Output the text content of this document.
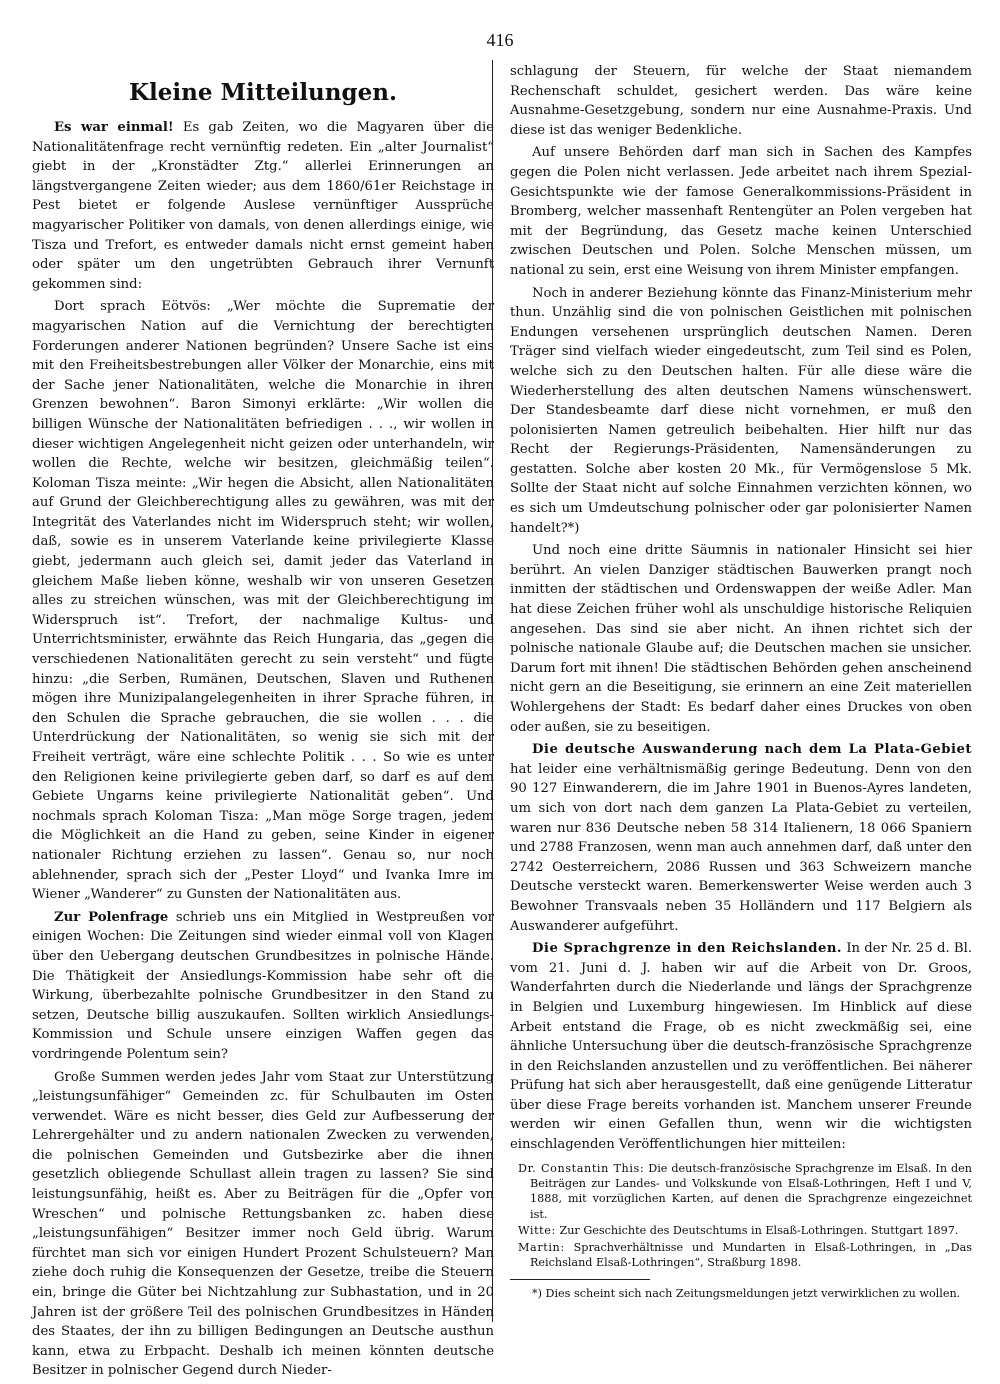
416
Kleine Mitteilungen.

Es war einmal! Es gab Zeiten, wo die Magyaren über die Nationalitätenfrage recht vernünftig redeten. Ein „alter Journalist“ giebt in der „Kronstädter Ztg.“ allerlei Erinnerungen an längstvergangene Zeiten wieder; aus dem 1860/61er Reichstage in Pest bietet er folgende Auslese vernünftiger Aussprüche magyarischer Politiker von damals, von denen allerdings einige, wie Tisza und Trefort, es entweder damals nicht ernst gemeint haben oder später um den ungetrübten Gebrauch ihrer Vernunft gekommen sind:

Dort sprach Eötvös: „Wer möchte die Suprematie der magyarischen Nation auf die Vernichtung der berechtigten Forderungen anderer Nationen begründen? Unsere Sache ist eins mit den Freiheitsbestrebungen aller Völker der Monarchie, eins mit der Sache jener Nationalitäten, welche die Monarchie in ihren Grenzen bewohnen“. Baron Simonyi erklärte: „Wir wollen die billigen Wünsche der Nationalitäten befriedigen . . ., wir wollen in dieser wichtigen Angelegenheit nicht geizen oder unterhandeln, wir wollen die Rechte, welche wir besitzen, gleichmäßig teilen“. Koloman Tisza meinte: „Wir hegen die Absicht, allen Nationalitäten auf Grund der Gleichberechtigung alles zu gewähren, was mit der Integrität des Vaterlandes nicht im Widerspruch steht; wir wollen, daß, sowie es in unserem Vaterlande keine privilegierte Klasse giebt, jedermann auch gleich sei, damit jeder das Vaterland in gleichem Maße lieben könne, weshalb wir von unseren Gesetzen alles zu streichen wünschen, was mit der Gleichberechtigung im Widerspruch ist“. Trefort, der nachmalige Kultus- und Unterrichtsminister, erwähnte das Reich Hungaria, das „gegen die verschiedenen Nationalitäten gerecht zu sein versteht“ und fügte hinzu: „die Serben, Rumänen, Deutschen, Slaven und Ruthenen mögen ihre Munizipalangelegenheiten in ihrer Sprache führen, in den Schulen die Sprache gebrauchen, die sie wollen . . . die Unterdrückung der Nationalitäten, so wenig sie sich mit der Freiheit verträgt, wäre eine schlechte Politik . . . So wie es unter den Religionen keine privilegierte geben darf, so darf es auf dem Gebiete Ungarns keine privilegierte Nationalität geben“. Und nochmals sprach Koloman Tisza: „Man möge Sorge tragen, jedem die Möglichkeit an die Hand zu geben, seine Kinder in eigener nationaler Richtung erziehen zu lassen“. Genau so, nur noch ablehnender, sprach sich der „Pester Lloyd“ und Ivanka Imre im Wiener „Wanderer“ zu Gunsten der Nationalitäten aus.

Zur Polenfrage schrieb uns ein Mitglied in Westpreußen vor einigen Wochen: Die Zeitungen sind wieder einmal voll von Klagen über den Uebergang deutschen Grundbesitzes in polnische Hände. Die Thätigkeit der Ansiedlungs-Kommission habe sehr oft die Wirkung, überbezahlte polnische Grundbesitzer in den Stand zu setzen, Deutsche billig auszukaufen. Sollten wirklich Ansiedlungs-Kommission und Schule unsere einzigen Waffen gegen das vordringende Polentum sein?

Große Summen werden jedes Jahr vom Staat zur Unterstützung „leistungsunfähiger“ Gemeinden zc. für Schulbauten im Osten verwendet. Wäre es nicht besser, dies Geld zur Aufbesserung der Lehrergehälter und zu andern nationalen Zwecken zu verwenden, die polnischen Gemeinden und Gutsbezirke aber die ihnen gesetzlich obliegende Schullast allein tragen zu lassen? Sie sind leistungsunfähig, heißt es. Aber zu Beiträgen für die „Opfer von Wreschen“ und polnische Rettungsbanken zc. haben diese „leistungsunfähigen“ Besitzer immer noch Geld übrig. Warum fürchtet man sich vor einigen Hundert Prozent Schulsteuern? Man ziehe doch ruhig die Konsequenzen der Gesetze, treibe die Steuern ein, bringe die Güter bei Nichtzahlung zur Subhastation, und in 20 Jahren ist der größere Teil des polnischen Grundbesitzes in Händen des Staates, der ihn zu billigen Bedingungen an Deutsche austhun kann, etwa zu Erbpacht. Deshalb ich meinen könnten deutsche Besitzer in polnischer Gegend durch Nieder-

schlagung der Steuern, für welche der Staat niemandem Rechenschaft schuldet, gesichert werden. Das wäre keine Ausnahme-Gesetzgebung, sondern nur eine Ausnahme-Praxis. Und diese ist das weniger Bedenkliche.

Auf unsere Behörden darf man sich in Sachen des Kampfes gegen die Polen nicht verlassen. Jede arbeitet nach ihrem Spezial-Gesichtspunkte wie der famose Generalkommissions-Präsident in Bromberg, welcher massenhaft Rentengüter an Polen vergeben hat mit der Begründung, das Gesetz mache keinen Unterschied zwischen Deutschen und Polen. Solche Menschen müssen, um national zu sein, erst eine Weisung von ihrem Minister empfangen.

Noch in anderer Beziehung könnte das Finanz-Ministerium mehr thun. Unzählig sind die von polnischen Geistlichen mit polnischen Endungen versehenen ursprünglich deutschen Namen. Deren Träger sind vielfach wieder eingedeutscht, zum Teil sind es Polen, welche sich zu den Deutschen halten. Für alle diese wäre die Wiederherstellung des alten deutschen Namens wünschenswert. Der Standesbeamte darf diese nicht vornehmen, er muß den polonisierten Namen getreulich beibehalten. Hier hilft nur das Recht der Regierungs-Präsidenten, Namensänderungen zu gestatten. Solche aber kosten 20 Mk., für Vermögenslose 5 Mk. Sollte der Staat nicht auf solche Einnahmen verzichten können, wo es sich um Umdeutschung polnischer oder gar polonisierter Namen handelt?*)

Und noch eine dritte Säumnis in nationaler Hinsicht sei hier berührt. An vielen Danziger städtischen Bauwerken prangt noch inmitten der städtischen und Ordenswappen der weiße Adler. Man hat diese Zeichen früher wohl als unschuldige historische Reliquien angesehen. Das sind sie aber nicht. An ihnen richtet sich der polnische nationale Glaube auf; die Deutschen machen sie unsicher. Darum fort mit ihnen! Die städtischen Behörden gehen anscheinend nicht gern an die Beseitigung, sie erinnern an eine Zeit materiellen Wohlergehens der Stadt: Es bedarf daher eines Druckes von oben oder außen, sie zu beseitigen.

Die deutsche Auswanderung nach dem La Plata-Gebiet hat leider eine verhältnismäßig geringe Bedeutung. Denn von den 90 127 Einwanderern, die im Jahre 1901 in Buenos-Ayres landeten, um sich von dort nach dem ganzen La Plata-Gebiet zu verteilen, waren nur 836 Deutsche neben 58 314 Italienern, 18 066 Spaniern und 2788 Franzosen, wenn man auch annehmen darf, daß unter den 2742 Oesterreichern, 2086 Russen und 363 Schweizern manche Deutsche versteckt waren. Bemerkenswerter Weise werden auch 3 Bewohner Transvaals neben 35 Holländern und 117 Belgiern als Auswanderer aufgeführt.

Die Sprachgrenze in den Reichslanden. In der Nr. 25 d. Bl. vom 21. Juni d. J. haben wir auf die Arbeit von Dr. Groos, Wanderfahrten durch die Niederlande und längs der Sprachgrenze in Belgien und Luxemburg hingewiesen. Im Hinblick auf diese Arbeit entstand die Frage, ob es nicht zweckmäßig sei, eine ähnliche Untersuchung über die deutsch-französische Sprachgrenze in den Reichslanden anzustellen und zu veröffentlichen. Bei näherer Prüfung hat sich aber herausgestellt, daß eine genügende Litteratur über diese Frage bereits vorhanden ist. Manchem unserer Freunde werden wir einen Gefallen thun, wenn wir die wichtigsten einschlagenden Veröffentlichungen hier mitteilen:

Dr. Constantin This: Die deutsch-französische Sprachgrenze im Elsaß. In den Beiträgen zur Landes- und Volkskunde von Elsaß-Lothringen, Heft I und V, 1888, mit vorzüglichen Karten, auf denen die Sprachgrenze eingezeichnet ist.

Witte: Zur Geschichte des Deutschtums in Elsaß-Lothringen. Stuttgart 1897.

Martin: Sprachverhältnisse und Mundarten in Elsaß-Lothringen, in „Das Reichsland Elsaß-Lothringen“, Straßburg 1898.

*) Dies scheint sich nach Zeitungsmeldungen jetzt verwirklichen zu wollen.
